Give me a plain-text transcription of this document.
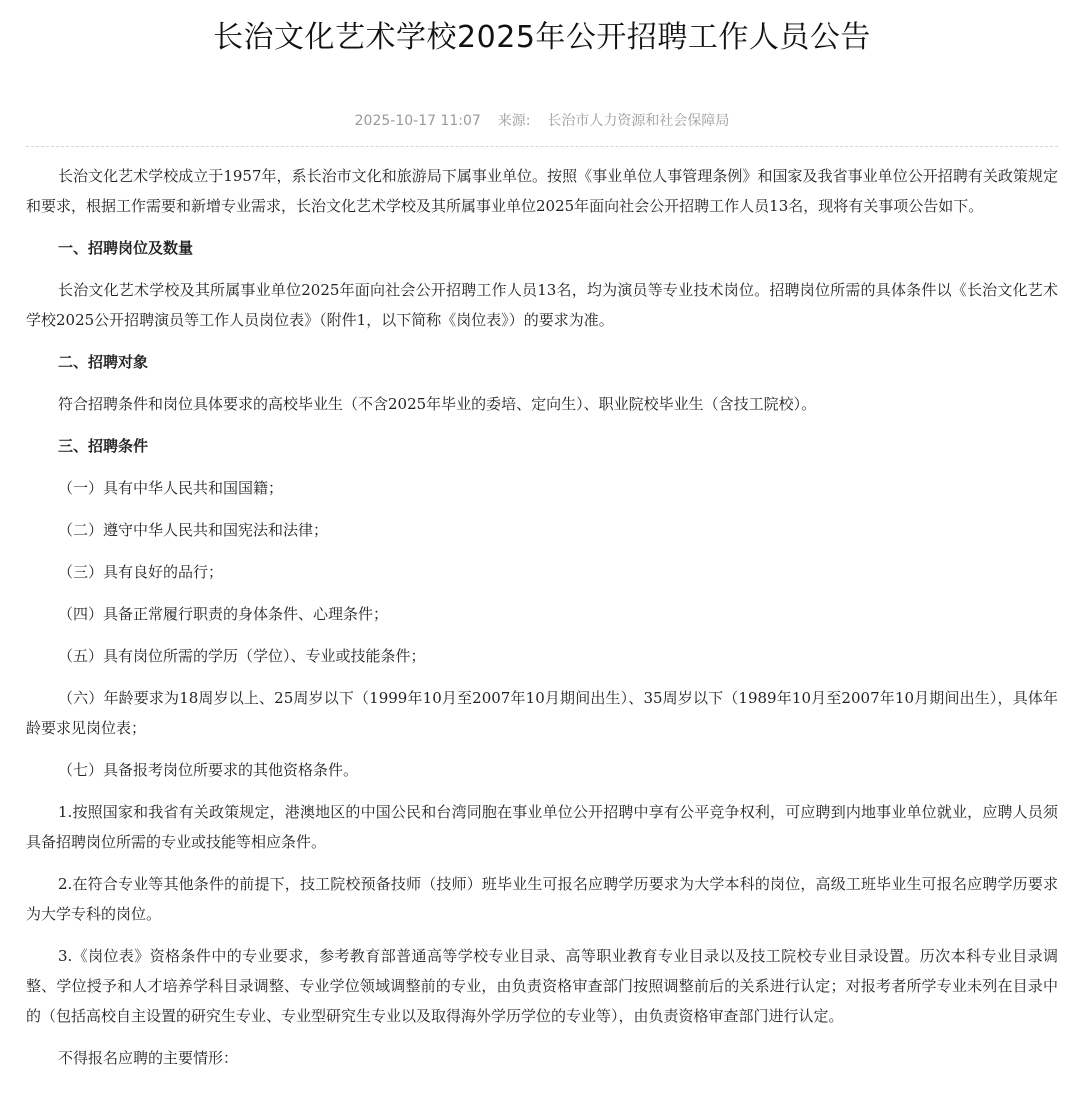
长治文化艺术学校2025年公开招聘工作人员公告
2025-10-17 11:07 来源: 长治市人力资源和社会保障局

长治文化艺术学校成立于1957年，系长治市文化和旅游局下属事业单位。按照《事业单位人事管理条例》和国家及我省事业单位公开招聘有关政策规定和要求，根据工作需要和新增专业需求，长治文化艺术学校及其所属事业单位2025年面向社会公开招聘工作人员13名，现将有关事项公告如下。

一、招聘岗位及数量

长治文化艺术学校及其所属事业单位2025年面向社会公开招聘工作人员13名，均为演员等专业技术岗位。招聘岗位所需的具体条件以《长治文化艺术学校2025公开招聘演员等工作人员岗位表》（附件1，以下简称《岗位表》）的要求为准。

二、招聘对象

符合招聘条件和岗位具体要求的高校毕业生（不含2025年毕业的委培、定向生）、职业院校毕业生（含技工院校）。

三、招聘条件

（一）具有中华人民共和国国籍；

（二）遵守中华人民共和国宪法和法律；

（三）具有良好的品行；

（四）具备正常履行职责的身体条件、心理条件；

（五）具有岗位所需的学历（学位）、专业或技能条件；

（六）年龄要求为18周岁以上、25周岁以下（1999年10月至2007年10月期间出生）、35周岁以下（1989年10月至2007年10月期间出生），具体年龄要求见岗位表；

（七）具备报考岗位所要求的其他资格条件。

1.按照国家和我省有关政策规定，港澳地区的中国公民和台湾同胞在事业单位公开招聘中享有公平竞争权利，可应聘到内地事业单位就业，应聘人员须具备招聘岗位所需的专业或技能等相应条件。

2.在符合专业等其他条件的前提下，技工院校预备技师（技师）班毕业生可报名应聘学历要求为大学本科的岗位，高级工班毕业生可报名应聘学历要求为大学专科的岗位。

3.《岗位表》资格条件中的专业要求，参考教育部普通高等学校专业目录、高等职业教育专业目录以及技工院校专业目录设置。历次本科专业目录调整、学位授予和人才培养学科目录调整、专业学位领域调整前的专业，由负责资格审查部门按照调整前后的关系进行认定；对报考者所学专业未列在目录中的（包括高校自主设置的研究生专业、专业型研究生专业以及取得海外学历学位的专业等），由负责资格审查部门进行认定。

不得报名应聘的主要情形：
